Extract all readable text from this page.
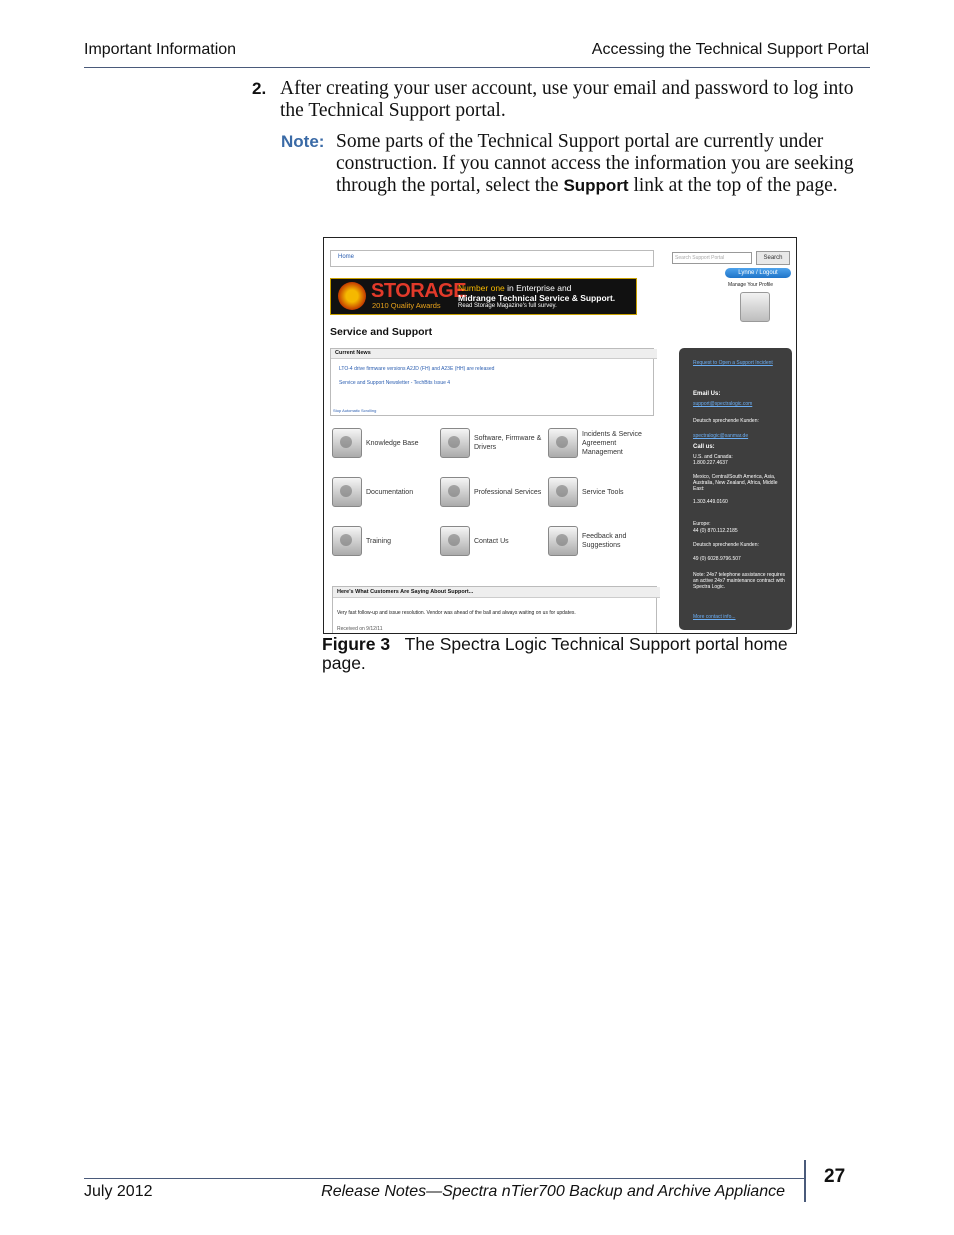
Important Information	Accessing the Technical Support Portal
2. After creating your user account, use your email and password to log into the Technical Support portal.
Note: Some parts of the Technical Support portal are currently under construction. If you cannot access the information you are seeking through the portal, select the Support link at the top of the page.
Home	Search Support Portal	Search
Lynne / Logout
Manage Your Profile
STORAGE
2010 Quality Awards
Number one in Enterprise and
Midrange Technical Service & Support.
Read Storage Magazine's full survey.
Service and Support
Current News
LTO-4 drive firmware versions A2JD (FH) and A23E (HH) are released
Service and Support Newsletter - TechBits Issue 4
Stop Automatic Scrolling
Knowledge Base
Software, Firmware & Drivers
Incidents & Service Agreement Management
Documentation	Professional Services	Service Tools
Training	Contact Us
Feedback and Suggestions
Here's What Customers Are Saying About Support...
Very fast follow-up and issue resolution. Vendor was ahead of the ball and always waiting on us for updates.
Received on 9/12/11
Request to Open a Support Incident
Email Us:
support@spectralogic.com
Deutsch sprechende Kunden:
spectralogic@sanmar.de
Call us:
U.S. and Canada:
1.800.227.4637
Mexico, Central/South America, Asia, Australia, New Zealand, Africa, Middle East:
1.303.449.0160
Europe:
44 (0) 870.112.2185
Deutsch sprechende Kunden:
49 (0) 6028.9796.507
Note: 24x7 telephone assistance requires an active 24x7 maintenance contract with Spectra Logic.
More contact info...
Figure 3 The Spectra Logic Technical Support portal home page.
July 2012	Release Notes—Spectra nTier700 Backup and Archive Appliance
27
